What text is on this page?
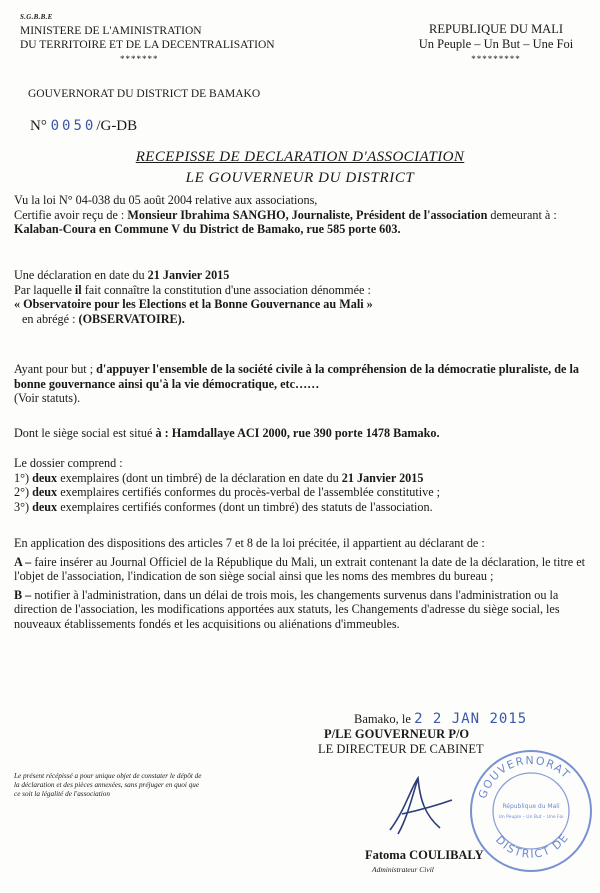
S.G.B.B.E
MINISTERE DE L'AMINISTRATION
DU TERRITOIRE ET DE LA DECENTRALISATION
*******
REPUBLIQUE DU MALI
Un Peuple – Un But – Une Foi
*********
GOUVERNORAT DU DISTRICT DE BAMAKO
N° 0050/G-DB
RECEPISSE DE DECLARATION D'ASSOCIATION
LE GOUVERNEUR DU DISTRICT
Vu la loi N° 04-038 du 05 août 2004 relative aux associations,
Certifie avoir reçu de : Monsieur Ibrahima SANGHO, Journaliste, Président de l'association demeurant à : Kalaban-Coura en Commune V du District de Bamako, rue 585 porte 603.
Une déclaration en date du 21 Janvier 2015
Par laquelle il fait connaître la constitution d'une association dénommée :
« Observatoire pour les Elections et la Bonne Gouvernance au Mali »
en abrégé : (OBSERVATOIRE).
Ayant pour but ; d'appuyer l'ensemble de la société civile à la compréhension de la démocratie pluraliste, de la bonne gouvernance ainsi qu'à la vie démocratique, etc……
(Voir statuts).
Dont le siège social est situé à : Hamdallaye ACI 2000, rue 390 porte 1478 Bamako.
Le dossier comprend :
1°) deux exemplaires (dont un timbré) de la déclaration en date du 21 Janvier 2015
2°) deux exemplaires certifiés conformes du procès-verbal de l'assemblée constitutive ;
3°) deux exemplaires certifiés conformes (dont un timbré) des statuts de l'association.
En application des dispositions des articles 7 et 8 de la loi précitée, il appartient au déclarant de :
A – faire insérer au Journal Officiel de la République du Mali, un extrait contenant la date de la déclaration, le titre et l'objet de l'association, l'indication de son siège social ainsi que les noms des membres du bureau ;
B – notifier à l'administration, dans un délai de trois mois, les changements survenus dans l'administration ou la direction de l'association, les modifications apportées aux statuts, les Changements d'adresse du siège social, les nouveaux établissements fondés et les acquisitions ou aliénations d'immeubles.
Le présent récépissé a pour unique objet de constater le dépôt de la déclaration et des pièces annexées, sans préjuger en quoi que ce soit la légalité de l'association
Bamako, le 2 2 JAN 2015
P/LE GOUVERNEUR P/O
LE DIRECTEUR DE CABINET
GOUVERNORAT
DISTRICT DE
République du Mali
Un Peuple – Un But – Une Foi
Fatoma COULIBALY
Administrateur Civil
